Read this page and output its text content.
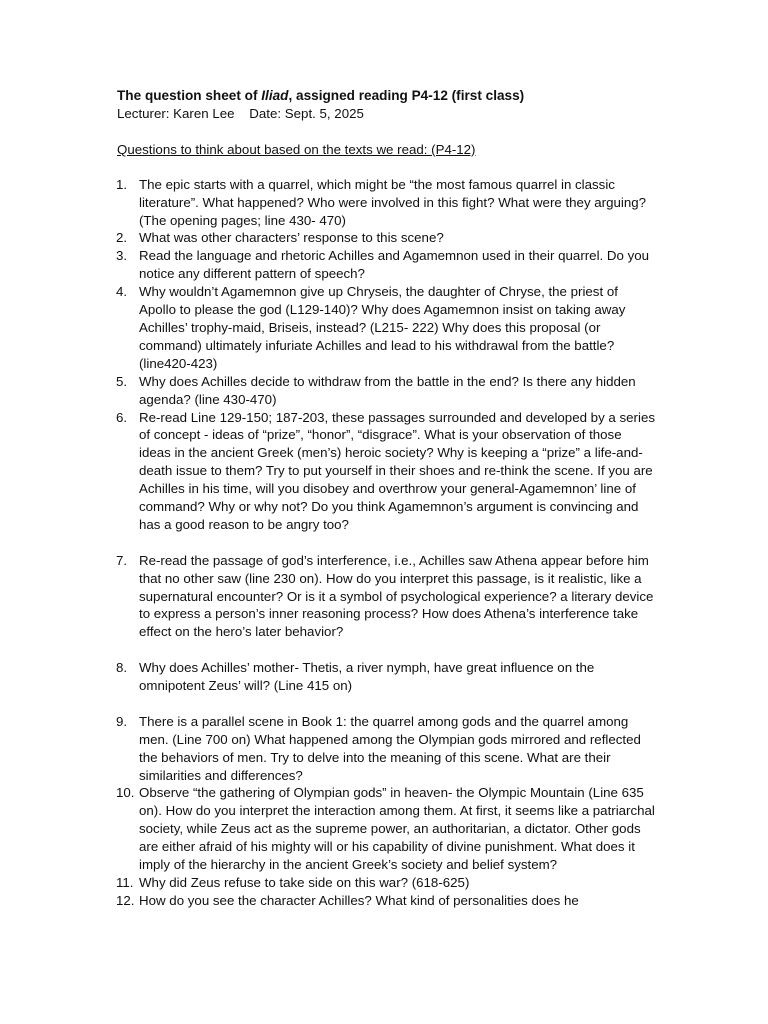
The question sheet of Iliad, assigned reading P4-12 (first class)

Lecturer: Karen Lee    Date: Sept. 5, 2025

Questions to think about based on the texts we read: (P4-12)

1. The epic starts with a quarrel, which might be “the most famous quarrel in classic literature”. What happened? Who were involved in this fight? What were they arguing? (The opening pages; line 430- 470)
2. What was other characters’ response to this scene?
3. Read the language and rhetoric Achilles and Agamemnon used in their quarrel. Do you notice any different pattern of speech?
4. Why wouldn’t Agamemnon give up Chryseis, the daughter of Chryse, the priest of Apollo to please the god (L129-140)? Why does Agamemnon insist on taking away Achilles’ trophy-maid, Briseis, instead? (L215- 222) Why does this proposal (or command) ultimately infuriate Achilles and lead to his withdrawal from the battle? (line420-423)
5. Why does Achilles decide to withdraw from the battle in the end? Is there any hidden agenda? (line 430-470)
6. Re-read Line 129-150; 187-203, these passages surrounded and developed by a series of concept - ideas of “prize”, “honor”, “disgrace”. What is your observation of those ideas in the ancient Greek (men’s) heroic society? Why is keeping a “prize” a life-and-death issue to them? Try to put yourself in their shoes and re-think the scene. If you are Achilles in his time, will you disobey and overthrow your general-Agamemnon’ line of command? Why or why not? Do you think Agamemnon’s argument is convincing and has a good reason to be angry too?
7. Re-read the passage of god’s interference, i.e., Achilles saw Athena appear before him that no other saw (line 230 on). How do you interpret this passage, is it realistic, like a supernatural encounter? Or is it a symbol of psychological experience? a literary device to express a person’s inner reasoning process? How does Athena’s interference take effect on the hero’s later behavior?
8. Why does Achilles’ mother- Thetis, a river nymph, have great influence on the omnipotent Zeus’ will? (Line 415 on)
9. There is a parallel scene in Book 1: the quarrel among gods and the quarrel among men. (Line 700 on) What happened among the Olympian gods mirrored and reflected the behaviors of men. Try to delve into the meaning of this scene. What are their similarities and differences?
10. Observe “the gathering of Olympian gods” in heaven- the Olympic Mountain (Line 635 on). How do you interpret the interaction among them. At first, it seems like a patriarchal society, while Zeus act as the supreme power, an authoritarian, a dictator. Other gods are either afraid of his mighty will or his capability of divine punishment. What does it imply of the hierarchy in the ancient Greek’s society and belief system?
11. Why did Zeus refuse to take side on this war? (618-625)
12. How do you see the character Achilles? What kind of personalities does he
